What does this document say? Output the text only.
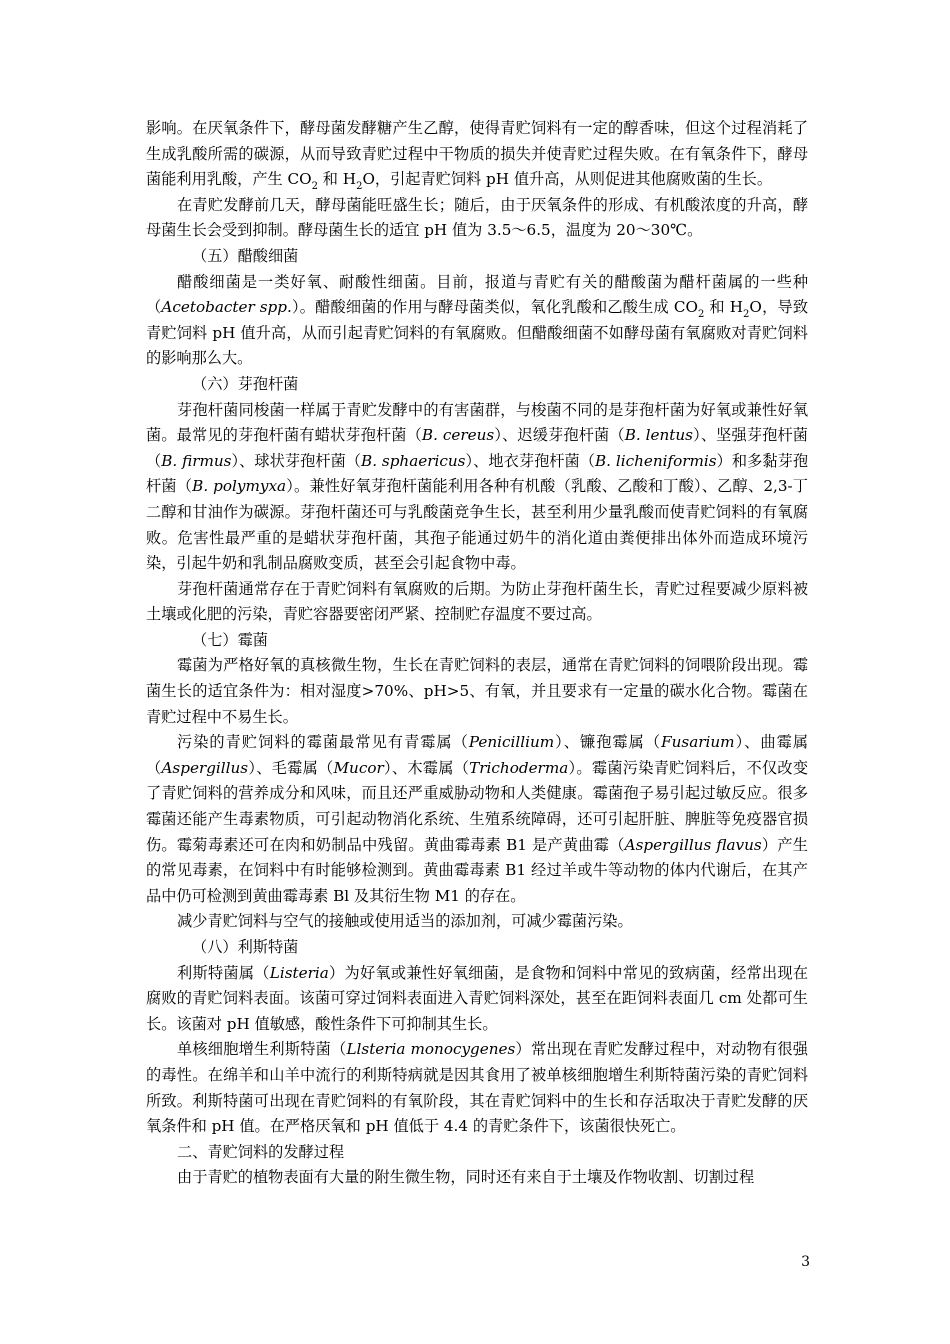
影响。在厌氧条件下，酵母菌发酵糖产生乙醇，使得青贮饲料有一定的醇香味，但这个过程消耗了生成乳酸所需的碳源，从而导致青贮过程中干物质的损失并使青贮过程失败。在有氧条件下，酵母菌能利用乳酸，产生 $CO_2$ 和 $H_2O$，引起青贮饲料 pH 值升高，从则促进其他腐败菌的生长。

在青贮发酵前几天，酵母菌能旺盛生长；随后，由于厌氧条件的形成、有机酸浓度的升高，酵母菌生长会受到抑制。酵母菌生长的适宜 pH 值为 3.5～6.5，温度为 20～30℃。

（五）醋酸细菌

醋酸细菌是一类好氧、耐酸性细菌。目前，报道与青贮有关的醋酸菌为醋杆菌属的一些种（Acetobacter spp.）。醋酸细菌的作用与酵母菌类似，氧化乳酸和乙酸生成 $CO_2$ 和 $H_2O$，导致青贮饲料 pH 值升高，从而引起青贮饲料的有氧腐败。但醋酸细菌不如酵母菌有氧腐败对青贮饲料的影响那么大。

（六）芽孢杆菌

芽孢杆菌同梭菌一样属于青贮发酵中的有害菌群，与梭菌不同的是芽孢杆菌为好氧或兼性好氧菌。最常见的芽孢杆菌有蜡状芽孢杆菌（B. cereus）、迟缓芽孢杆菌（B. lentus）、坚强芽孢杆菌（B. firmus）、球状芽孢杆菌（B. sphaericus）、地衣芽孢杆菌（B. licheniformis）和多黏芽孢杆菌（B. polymyxa）。兼性好氧芽孢杆菌能利用各种有机酸（乳酸、乙酸和丁酸）、乙醇、2,3-丁二醇和甘油作为碳源。芽孢杆菌还可与乳酸菌竞争生长，甚至利用少量乳酸而使青贮饲料的有氧腐败。危害性最严重的是蜡状芽孢杆菌，其孢子能通过奶牛的消化道由粪便排出体外而造成环境污染，引起牛奶和乳制品腐败变质，甚至会引起食物中毒。

芽孢杆菌通常存在于青贮饲料有氧腐败的后期。为防止芽孢杆菌生长，青贮过程要减少原料被土壤或化肥的污染，青贮容器要密闭严紧、控制贮存温度不要过高。

（七）霉菌

霉菌为严格好氧的真核微生物，生长在青贮饲料的表层，通常在青贮饲料的饲喂阶段出现。霉菌生长的适宜条件为：相对湿度>70%、pH>5、有氧，并且要求有一定量的碳水化合物。霉菌在青贮过程中不易生长。

污染的青贮饲料的霉菌最常见有青霉属（Penicillium）、镰孢霉属（Fusarium）、曲霉属（Aspergillus）、毛霉属（Mucor）、木霉属（Trichoderma）。霉菌污染青贮饲料后，不仅改变了青贮饲料的营养成分和风味，而且还严重威胁动物和人类健康。霉菌孢子易引起过敏反应。很多霉菌还能产生毒素物质，可引起动物消化系统、生殖系统障碍，还可引起肝脏、脾脏等免疫器官损伤。霉菊毒素还可在肉和奶制品中残留。黄曲霉毒素 B1 是产黄曲霉（Aspergillus flavus）产生的常见毒素，在饲料中有时能够检测到。黄曲霉毒素 B1 经过羊或牛等动物的体内代谢后，在其产品中仍可检测到黄曲霉毒素 Bl 及其衍生物 M1 的存在。

减少青贮饲料与空气的接触或使用适当的添加剂，可减少霉菌污染。

（八）利斯特菌

利斯特菌属（Listeria）为好氧或兼性好氧细菌，是食物和饲料中常见的致病菌，经常出现在腐败的青贮饲料表面。该菌可穿过饲料表面进入青贮饲料深处，甚至在距饲料表面几 cm 处都可生长。该菌对 pH 值敏感，酸性条件下可抑制其生长。

单核细胞增生利斯特菌（Llsteria monocygenes）常出现在青贮发酵过程中，对动物有很强的毒性。在绵羊和山羊中流行的利斯特病就是因其食用了被单核细胞增生利斯特菌污染的青贮饲料所致。利斯特菌可出现在青贮饲料的有氧阶段，其在青贮饲料中的生长和存活取决于青贮发酵的厌氧条件和 pH 值。在严格厌氧和 pH 值低于 4.4 的青贮条件下，该菌很快死亡。

二、青贮饲料的发酵过程

由于青贮的植物表面有大量的附生微生物，同时还有来自于土壤及作物收割、切割过程

3
